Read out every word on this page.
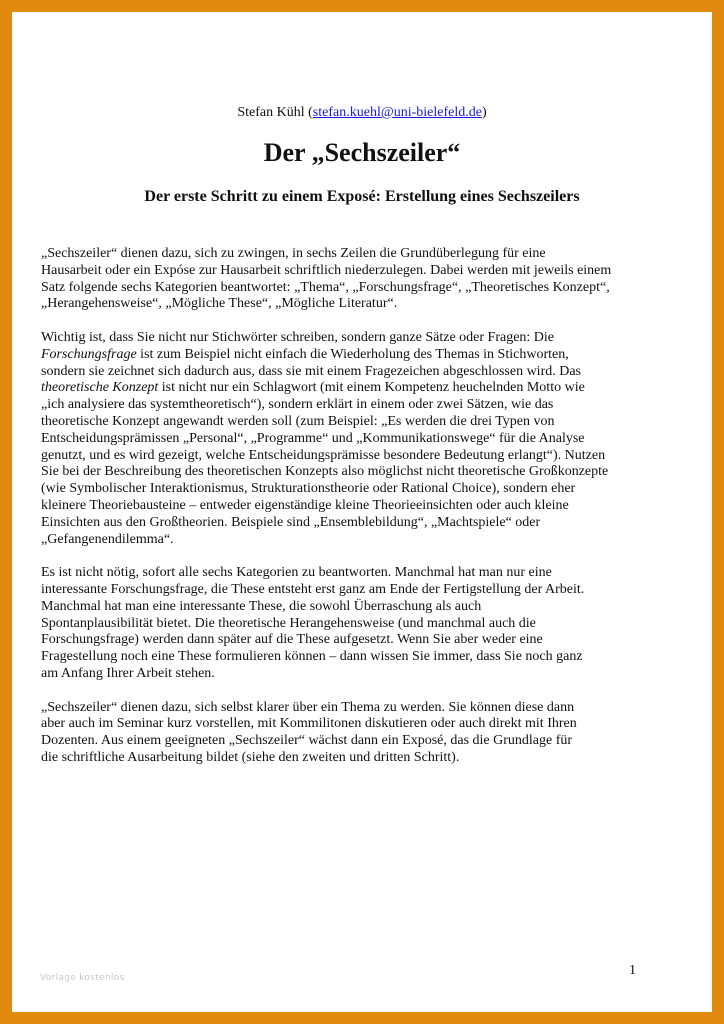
Stefan Kühl (stefan.kuehl@uni-bielefeld.de)
Der „Sechszeiler“
Der erste Schritt zu einem Exposé: Erstellung eines Sechszeilers

„Sechszeiler“ dienen dazu, sich zu zwingen, in sechs Zeilen die Grundüberlegung für eine
Hausarbeit oder ein Expóse zur Hausarbeit schriftlich niederzulegen. Dabei werden mit jeweils einem
Satz folgende sechs Kategorien beantwortet: „Thema“, „Forschungsfrage“, „Theoretisches Konzept“,
„Herangehensweise“, „Mögliche These“, „Mögliche Literatur“.

Wichtig ist, dass Sie nicht nur Stichwörter schreiben, sondern ganze Sätze oder Fragen: Die
Forschungsfrage ist zum Beispiel nicht einfach die Wiederholung des Themas in Stichworten,
sondern sie zeichnet sich dadurch aus, dass sie mit einem Fragezeichen abgeschlossen wird. Das
theoretische Konzept ist nicht nur ein Schlagwort (mit einem Kompetenz heuchelnden Motto wie
„ich analysiere das systemtheoretisch“), sondern erklärt in einem oder zwei Sätzen, wie das
theoretische Konzept angewandt werden soll (zum Beispiel: „Es werden die drei Typen von
Entscheidungsprämissen „Personal“, „Programme“ und „Kommunikationswege“ für die Analyse
genutzt, und es wird gezeigt, welche Entscheidungsprämisse besondere Bedeutung erlangt“). Nutzen
Sie bei der Beschreibung des theoretischen Konzepts also möglichst nicht theoretische Großkonzepte
(wie Symbolischer Interaktionismus, Strukturationstheorie oder Rational Choice), sondern eher
kleinere Theoriebausteine – entweder eigenständige kleine Theorieeinsichten oder auch kleine
Einsichten aus den Großtheorien. Beispiele sind „Ensemblebildung“, „Machtspiele“ oder
„Gefangenendilemma“.

Es ist nicht nötig, sofort alle sechs Kategorien zu beantworten. Manchmal hat man nur eine
interessante Forschungsfrage, die These entsteht erst ganz am Ende der Fertigstellung der Arbeit.
Manchmal hat man eine interessante These, die sowohl Überraschung als auch
Spontanplausibilität bietet. Die theoretische Herangehensweise (und manchmal auch die
Forschungsfrage) werden dann später auf die These aufgesetzt. Wenn Sie aber weder eine
Fragestellung noch eine These formulieren können – dann wissen Sie immer, dass Sie noch ganz
am Anfang Ihrer Arbeit stehen.

„Sechszeiler“ dienen dazu, sich selbst klarer über ein Thema zu werden. Sie können diese dann
aber auch im Seminar kurz vorstellen, mit Kommilitonen diskutieren oder auch direkt mit Ihren
Dozenten. Aus einem geeigneten „Sechszeiler“ wächst dann ein Exposé, das die Grundlage für
die schriftliche Ausarbeitung bildet (siehe den zweiten und dritten Schritt).

Vorlage kostenlos	1
